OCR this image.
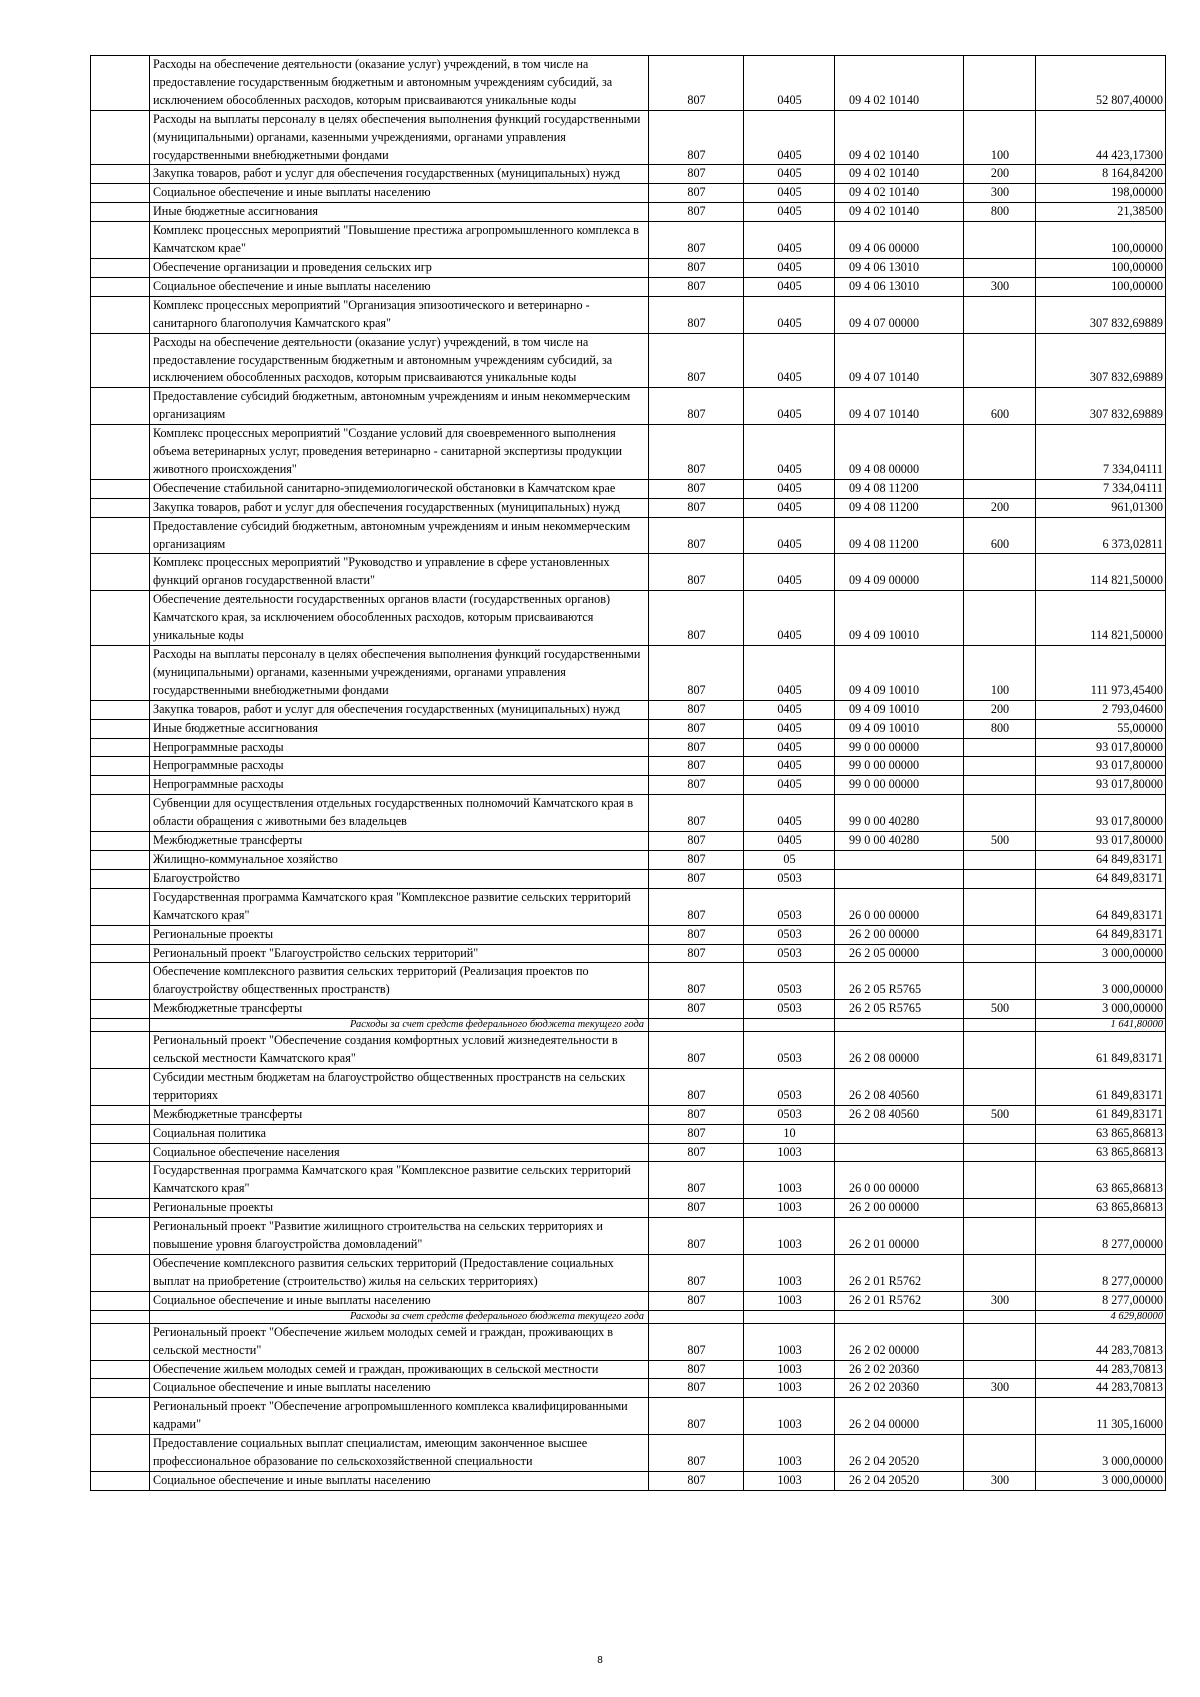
	Расходы на обеспечение деятельности (оказание услуг) учреждений, в том числе на предоставление государственным бюджетным и автономным учреждениям субсидий, за исключением обособленных расходов, которым присваиваются уникальные коды	807	0405	09 4 02 10140		52 807,40000
	Расходы на выплаты персоналу в целях обеспечения выполнения функций государственными (муниципальными) органами, казенными учреждениями, органами управления государственными внебюджетными фондами	807	0405	09 4 02 10140	100	44 423,17300
	Закупка товаров, работ и услуг для обеспечения государственных (муниципальных) нужд	807	0405	09 4 02 10140	200	8 164,84200
	Социальное обеспечение и иные выплаты населению	807	0405	09 4 02 10140	300	198,00000
	Иные бюджетные ассигнования	807	0405	09 4 02 10140	800	21,38500
	Комплекс процессных мероприятий "Повышение престижа агропромышленного комплекса в Камчатском крае"	807	0405	09 4 06 00000		100,00000
	Обеспечение организации и проведения сельских игр	807	0405	09 4 06 13010		100,00000
	Социальное обеспечение и иные выплаты населению	807	0405	09 4 06 13010	300	100,00000
	Комплекс процессных мероприятий "Организация эпизоотического и ветеринарно - санитарного благополучия Камчатского края"	807	0405	09 4 07 00000		307 832,69889
	Расходы на обеспечение деятельности (оказание услуг) учреждений, в том числе на предоставление государственным бюджетным и автономным учреждениям субсидий, за исключением обособленных расходов, которым присваиваются уникальные коды	807	0405	09 4 07 10140		307 832,69889
	Предоставление субсидий бюджетным, автономным учреждениям и иным некоммерческим организациям	807	0405	09 4 07 10140	600	307 832,69889
	Комплекс процессных мероприятий "Создание условий для своевременного выполнения объема ветеринарных услуг, проведения ветеринарно - санитарной экспертизы продукции животного происхождения"	807	0405	09 4 08 00000		7 334,04111
	Обеспечение стабильной санитарно-эпидемиологической обстановки в Камчатском крае	807	0405	09 4 08 11200		7 334,04111
	Закупка товаров, работ и услуг для обеспечения государственных (муниципальных) нужд	807	0405	09 4 08 11200	200	961,01300
	Предоставление субсидий бюджетным, автономным учреждениям и иным некоммерческим организациям	807	0405	09 4 08 11200	600	6 373,02811
	Комплекс процессных мероприятий "Руководство и управление в сфере установленных функций органов государственной власти"	807	0405	09 4 09 00000		114 821,50000
	Обеспечение деятельности государственных органов власти (государственных органов) Камчатского края, за исключением обособленных расходов, которым присваиваются уникальные коды	807	0405	09 4 09 10010		114 821,50000
	Расходы на выплаты персоналу в целях обеспечения выполнения функций государственными (муниципальными) органами, казенными учреждениями, органами управления государственными внебюджетными фондами	807	0405	09 4 09 10010	100	111 973,45400
	Закупка товаров, работ и услуг для обеспечения государственных (муниципальных) нужд	807	0405	09 4 09 10010	200	2 793,04600
	Иные бюджетные ассигнования	807	0405	09 4 09 10010	800	55,00000
	Непрограммные расходы	807	0405	99 0 00 00000		93 017,80000
	Непрограммные расходы	807	0405	99 0 00 00000		93 017,80000
	Непрограммные расходы	807	0405	99 0 00 00000		93 017,80000
	Субвенции для осуществления отдельных государственных полномочий Камчатского края в области обращения с животными без владельцев	807	0405	99 0 00 40280		93 017,80000
	Межбюджетные трансферты	807	0405	99 0 00 40280	500	93 017,80000
	Жилищно-коммунальное хозяйство	807	05			64 849,83171
	Благоустройство	807	0503			64 849,83171
	Государственная программа Камчатского края "Комплексное развитие сельских территорий Камчатского края"	807	0503	26 0 00 00000		64 849,83171
	Региональные проекты	807	0503	26 2 00 00000		64 849,83171
	Региональный проект "Благоустройство сельских территорий"	807	0503	26 2 05 00000		3 000,00000
	Обеспечение комплексного развития сельских территорий (Реализация проектов по благоустройству общественных пространств)	807	0503	26 2 05 R5765		3 000,00000
	Межбюджетные трансферты	807	0503	26 2 05 R5765	500	3 000,00000
	Расходы за счет средств федерального бюджета текущего года					1 641,80000
	Региональный проект "Обеспечение создания комфортных условий жизнедеятельности в сельской местности Камчатского края"	807	0503	26 2 08 00000		61 849,83171
	Субсидии местным бюджетам на благоустройство общественных пространств на сельских территориях	807	0503	26 2 08 40560		61 849,83171
	Межбюджетные трансферты	807	0503	26 2 08 40560	500	61 849,83171
	Социальная политика	807	10			63 865,86813
	Социальное обеспечение населения	807	1003			63 865,86813
	Государственная программа Камчатского края "Комплексное развитие сельских территорий Камчатского края"	807	1003	26 0 00 00000		63 865,86813
	Региональные проекты	807	1003	26 2 00 00000		63 865,86813
	Региональный проект "Развитие жилищного строительства на сельских территориях и повышение уровня благоустройства домовладений"	807	1003	26 2 01 00000		8 277,00000
	Обеспечение комплексного развития сельских территорий (Предоставление социальных выплат на приобретение (строительство) жилья на сельских территориях)	807	1003	26 2 01 R5762		8 277,00000
	Социальное обеспечение и иные выплаты населению	807	1003	26 2 01 R5762	300	8 277,00000
	Расходы за счет средств федерального бюджета текущего года					4 629,80000
	Региональный проект "Обеспечение жильем молодых семей и граждан, проживающих в сельской местности"	807	1003	26 2 02 00000		44 283,70813
	Обеспечение жильем молодых семей и граждан, проживающих в сельской местности	807	1003	26 2 02 20360		44 283,70813
	Социальное обеспечение и иные выплаты населению	807	1003	26 2 02 20360	300	44 283,70813
	Региональный проект "Обеспечение агропромышленного комплекса квалифицированными кадрами"	807	1003	26 2 04 00000		11 305,16000
	Предоставление социальных выплат специалистам, имеющим законченное высшее профессиональное образование по сельскохозяйственной специальности	807	1003	26 2 04 20520		3 000,00000
	Социальное обеспечение и иные выплаты населению	807	1003	26 2 04 20520	300	3 000,00000
8
